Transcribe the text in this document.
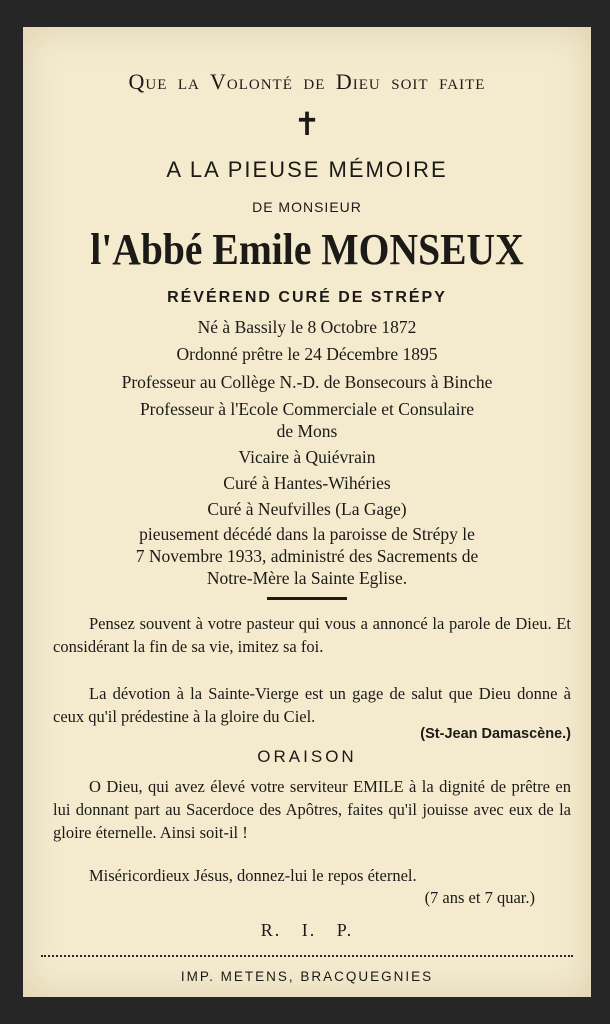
Que la Volonté de Dieu soit faite
✝
A LA PIEUSE MÉMOIRE
DE MONSIEUR
l'Abbé Emile MONSEUX
RÉVÉREND CURÉ DE STRÉPY
Né à Bassily le 8 Octobre 1872
Ordonné prêtre le 24 Décembre 1895
Professeur au Collège N.-D. de Bonsecours à Binche
Professeur à l'Ecole Commerciale et Consulaire
de Mons
Vicaire à Quiévrain
Curé à Hantes-Wihéries
Curé à Neufvilles (La Gage)
pieusement décédé dans la paroisse de Strépy le
7 Novembre 1933, administré des Sacrements de
Notre-Mère la Sainte Eglise.
Pensez souvent à votre pasteur qui vous a annoncé la parole de Dieu. Et considérant la fin de sa vie, imitez sa foi.
La dévotion à la Sainte-Vierge est un gage de salut que Dieu donne à ceux qu'il prédestine à la gloire du Ciel.
(St-Jean Damascène.)
ORAISON
O Dieu, qui avez élevé votre serviteur EMILE à la dignité de prêtre en lui donnant part au Sacerdoce des Apôtres, faites qu'il jouisse avec eux de la gloire éternelle. Ainsi soit-il !
Miséricordieux Jésus, donnez-lui le repos éternel.
(7 ans et 7 quar.)
R. I. P.
IMP. METENS, BRACQUEGNIES
